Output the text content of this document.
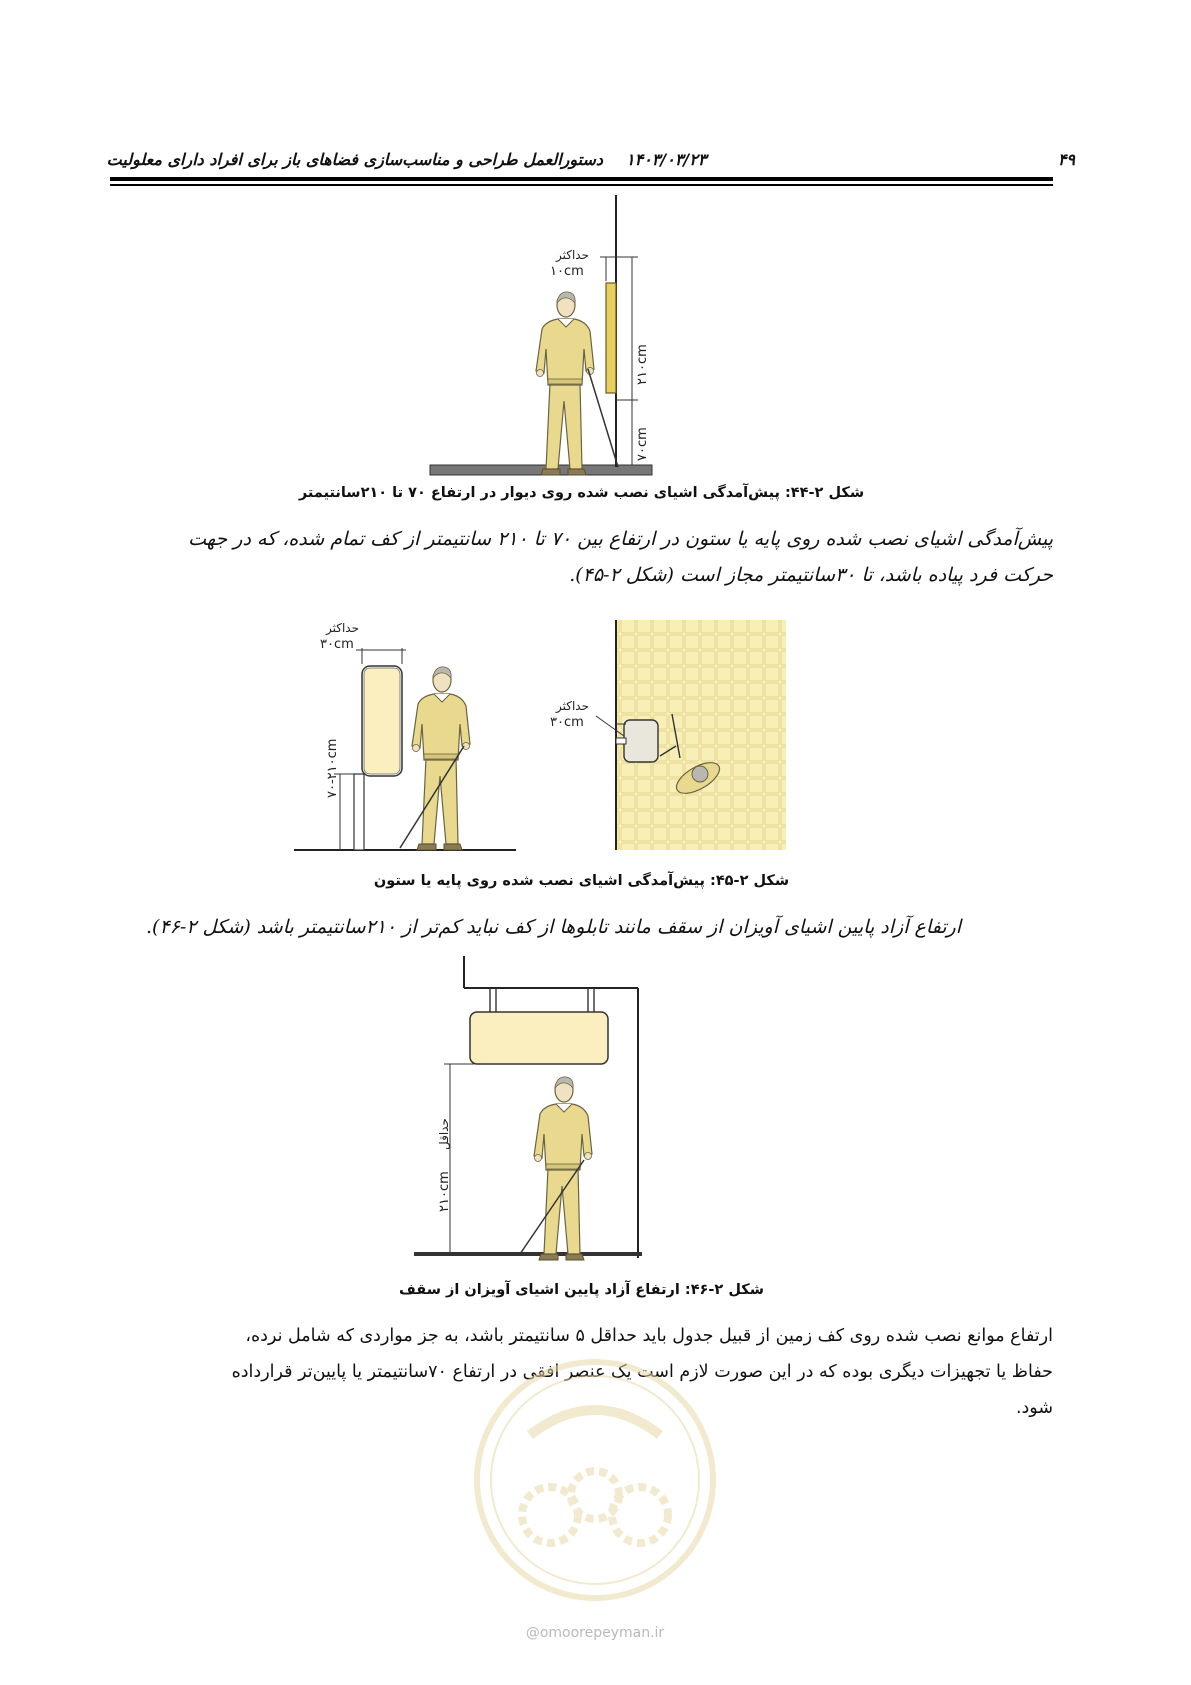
۴۹
۱۴۰۳/۰۳/۲۳
دستورالعمل طراحی و مناسب‌سازی فضاهای باز برای افراد دارای معلولیت
حداکثر
۱۰cm
۲۱۰cm
۷۰cm
شکل ۲-۴۴: پیش‌آمدگی اشیای نصب شده روی دیوار در ارتفاع ۷۰ تا ۲۱۰سانتیمتر
پیش‌آمدگی اشیای نصب شده روی پایه یا ستون در ارتفاع بین ۷۰ تا ۲۱۰ سانتیمتر از کف تمام شده، که در جهت
حرکت فرد پیاده باشد، تا ۳۰سانتیمتر مجاز است (شکل ۲-۴۵).
حداکثر
۳۰cm
۷۰-۲۱۰cm
حداکثر
۳۰cm
شکل ۲-۴۵: پیش‌آمدگی اشیای نصب شده روی پایه یا ستون
ارتفاع آزاد پایین اشیای آویزان از سقف مانند تابلوها از کف نباید کم‌تر از ۲۱۰سانتیمتر باشد (شکل ۲-۴۶).
۲۱۰cm
حداقل
شکل ۲-۴۶: ارتفاع آزاد پایین اشیای آویزان از سقف
ارتفاع موانع نصب شده روی کف زمین از قبیل جدول باید حداقل ۵ سانتیمتر باشد، به جز مواردی که شامل نرده،
حفاظ یا تجهیزات دیگری بوده که در این صورت لازم است یک عنصر افقی در ارتفاع ۷۰سانتیمتر یا پایین‌تر قرارداده
شود.
@omoorepeyman.ir
